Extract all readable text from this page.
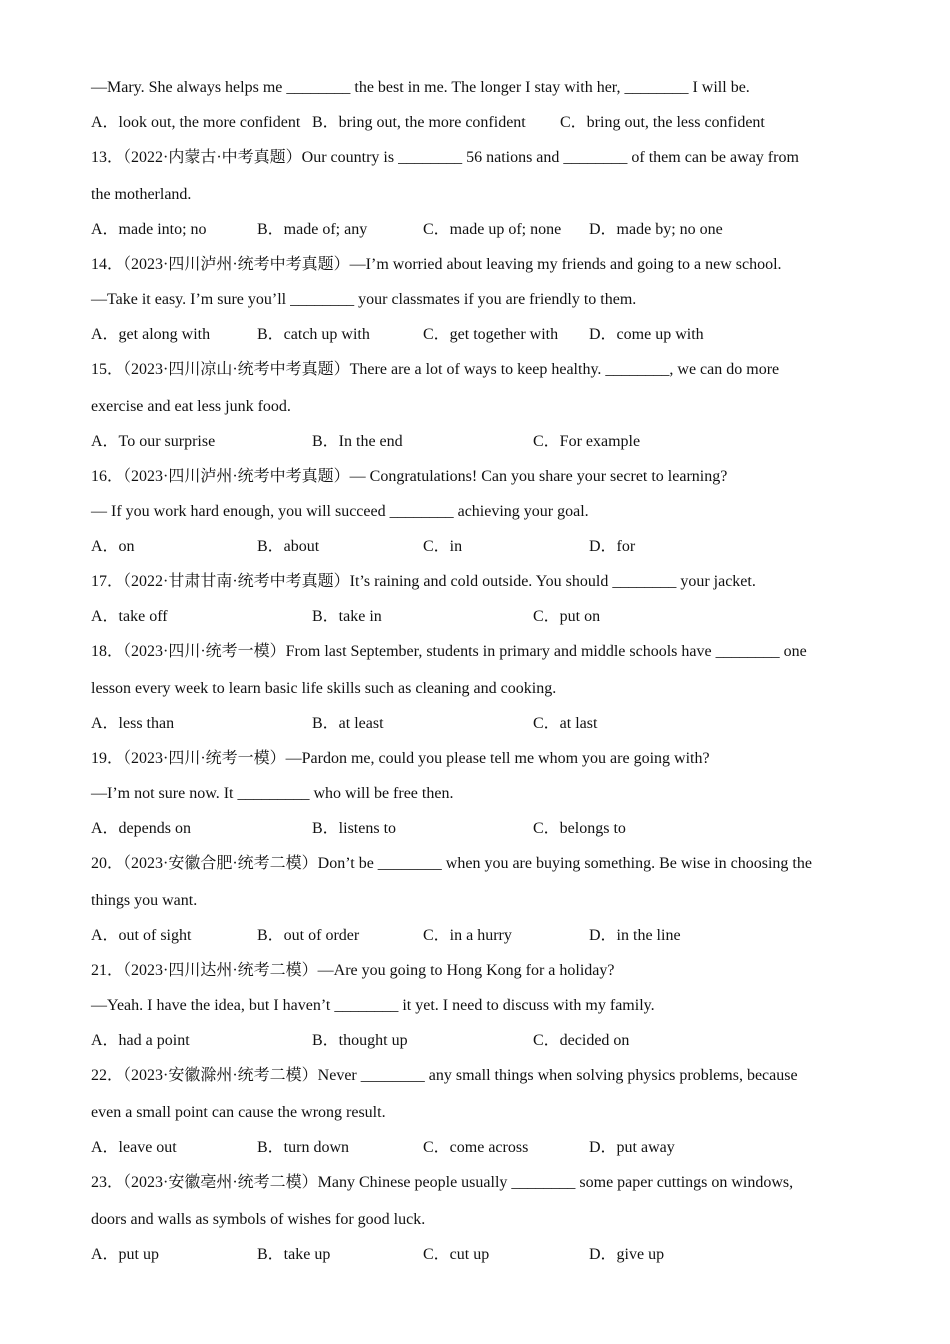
—Mary. She always helps me ________ the best in me. The longer I stay with her, ________ I will be.
A．look out, the more confident B．bring out, the more confident C．bring out, the less confident
13．（2022·内蒙古·中考真题）Our country is ________ 56 nations and ________ of them can be away from
the motherland.
A．made into; no	B．made of; any	C．made up of; none D．made by; no one
14．（2023·四川泸州·统考中考真题）—I’m worried about leaving my friends and going to a new school.
—Take it easy. I’m sure you’ll ________ your classmates if you are friendly to them.
A．get along with	B．catch up with	C．get together with D．come up with
15．（2023·四川凉山·统考中考真题）There are a lot of ways to keep healthy. ________, we can do more
exercise and eat less junk food.
A．To our surprise	B．In the end	C．For example
16．（2023·四川泸州·统考中考真题）— Congratulations! Can you share your secret to learning?
— If you work hard enough, you will succeed ________ achieving your goal.
A．on	B．about	C．in	D．for
17．（2022·甘肃甘南·统考中考真题）It’s raining and cold outside. You should ________ your jacket.
A．take off	B．take in	C．put on
18．（2023·四川·统考一模）From last September, students in primary and middle schools have ________ one
lesson every week to learn basic life skills such as cleaning and cooking.
A．less than	B．at least	C．at last
19．（2023·四川·统考一模）—Pardon me, could you please tell me whom you are going with?
—I’m not sure now. It _________ who will be free then.
A．depends on	B．listens to	C．belongs to
20．（2023·安徽合肥·统考二模）Don’t be ________ when you are buying something. Be wise in choosing the
things you want.
A．out of sight	B．out of order	C．in a hurry	D．in the line
21．（2023·四川达州·统考二模）—Are you going to Hong Kong for a holiday?
—Yeah. I have the idea, but I haven’t ________ it yet. I need to discuss with my family.
A．had a point	B．thought up	C．decided on
22．（2023·安徽滁州·统考二模）Never ________ any small things when solving physics problems, because
even a small point can cause the wrong result.
A．leave out	B．turn down	C．come across	D．put away
23．（2023·安徽亳州·统考二模）Many Chinese people usually ________ some paper cuttings on windows,
doors and walls as symbols of wishes for good luck.
A．put up	B．take up	C．cut up	D．give up
